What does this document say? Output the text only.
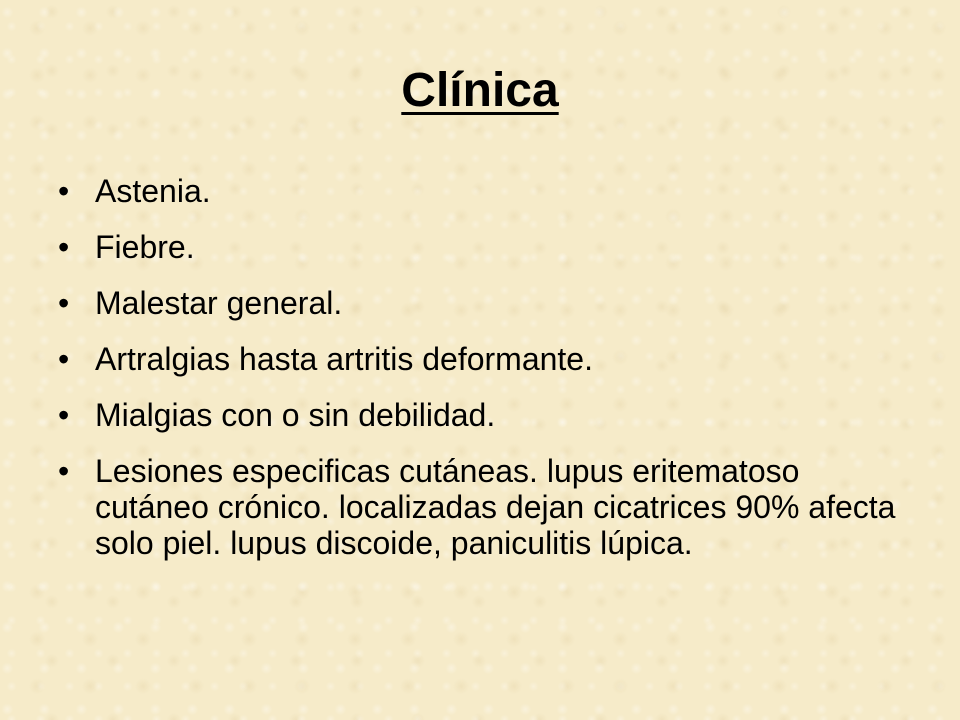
Clínica
• Astenia.
• Fiebre.
• Malestar general.
• Artralgias hasta artritis deformante.
• Mialgias con o sin debilidad.
• Lesiones especificas cutáneas. lupus eritematoso cutáneo crónico. localizadas dejan cicatrices 90% afecta solo piel. lupus discoide, paniculitis lúpica.
